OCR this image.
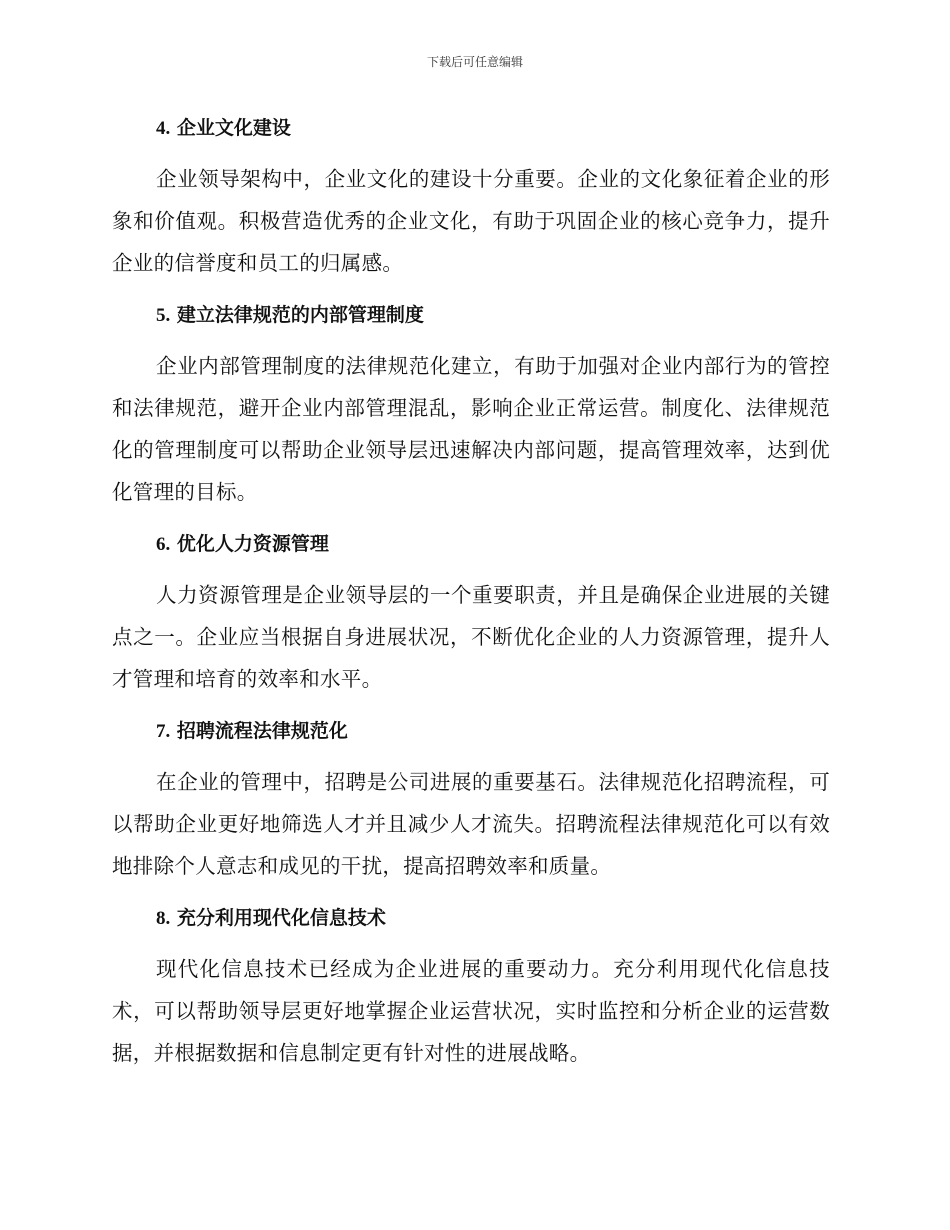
下载后可任意编辑
4. 企业文化建设

企业领导架构中，企业文化的建设十分重要。企业的文化象征着企业的形象和价值观。积极营造优秀的企业文化，有助于巩固企业的核心竞争力，提升企业的信誉度和员工的归属感。

5. 建立法律规范的内部管理制度

企业内部管理制度的法律规范化建立，有助于加强对企业内部行为的管控和法律规范，避开企业内部管理混乱，影响企业正常运营。制度化、法律规范化的管理制度可以帮助企业领导层迅速解决内部问题，提高管理效率，达到优化管理的目标。

6. 优化人力资源管理

人力资源管理是企业领导层的一个重要职责，并且是确保企业进展的关键点之一。企业应当根据自身进展状况，不断优化企业的人力资源管理，提升人才管理和培育的效率和水平。

7. 招聘流程法律规范化

在企业的管理中，招聘是公司进展的重要基石。法律规范化招聘流程，可以帮助企业更好地筛选人才并且减少人才流失。招聘流程法律规范化可以有效地排除个人意志和成见的干扰，提高招聘效率和质量。

8. 充分利用现代化信息技术

现代化信息技术已经成为企业进展的重要动力。充分利用现代化信息技术，可以帮助领导层更好地掌握企业运营状况，实时监控和分析企业的运营数据，并根据数据和信息制定更有针对性的进展战略。
